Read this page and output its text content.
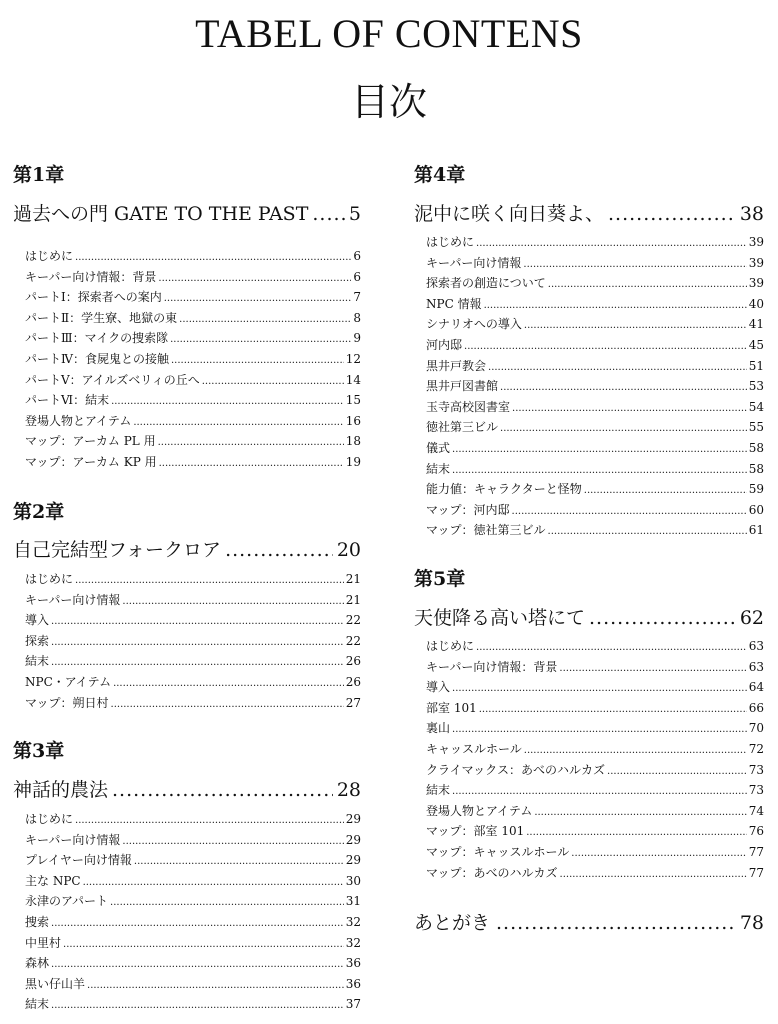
TABEL OF CONTENS
目次
第1章
過去への門 GATE TO THE PAST ..... 5
はじめに .....	6
キーパー向け情報：背景 .....	6
パートⅠ：探索者への案内 .....	7
パートⅡ：学生寮、地獄の東 .....	8
パートⅢ：マイクの捜索隊 .....	9
パートⅣ：食屍鬼との接触 .....	12
パートⅤ：アイルズベリィの丘へ .....	14
パートⅥ：結末 .....	15
登場人物とアイテム .....	16
マップ：アーカム PL 用 .....	18
マップ：アーカム KP 用 .....	19
第2章
自己完結型フォークロア .....	20
はじめに .....	21
キーパー向け情報 .....	21
導入 .....	22
探索 .....	22
結末 .....	26
NPC・アイテム .....	26
マップ：朔日村 .....	27
第3章
神話的農法 .....	28
はじめに .....	29
キーパー向け情報 .....	29
プレイヤー向け情報 .....	29
主な NPC .....	30
永津のアパート .....	31
捜索 .....	32
中里村 .....	32
森林 .....	36
黒い仔山羊 .....	36
結末 .....	37
第4章
泥中に咲く向日葵よ、 .....	38
はじめに .....	39
キーパー向け情報 .....	39
探索者の創造について .....	39
NPC 情報 .....	40
シナリオへの導入 .....	41
河内邸 .....	45
黒井戸教会 .....	51
黒井戸図書館 .....	53
玉寺高校図書室 .....	54
徳社第三ビル .....	55
儀式 .....	58
結末 .....	58
能力値：キャラクターと怪物 .....	59
マップ：河内邸 .....	60
マップ：徳社第三ビル .....	61
第5章
天使降る高い塔にて .....	62
はじめに .....	63
キーパー向け情報：背景 .....	63
導入 .....	64
部室 101 .....	66
裏山 .....	70
キャッスルホール .....	72
クライマックス：あべのハルカズ .....	73
結末 .....	73
登場人物とアイテム .....	74
マップ：部室 101 .....	76
マップ：キャッスルホール .....	77
マップ：あべのハルカズ .....	77
あとがき .....	78
